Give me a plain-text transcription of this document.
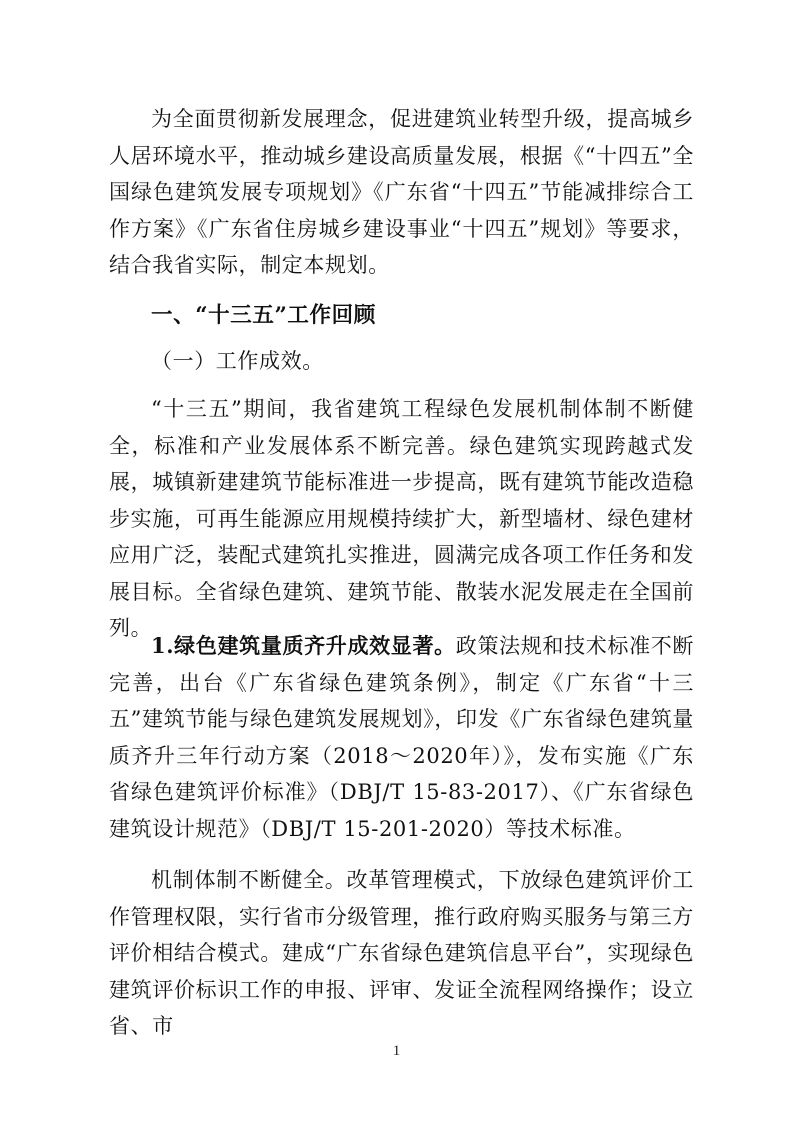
为全面贯彻新发展理念，促进建筑业转型升级，提高城乡人居环境水平，推动城乡建设高质量发展，根据《“十四五”全国绿色建筑发展专项规划》《广东省“十四五”节能减排综合工作方案》《广东省住房城乡建设事业“十四五”规划》等要求，结合我省实际，制定本规划。

一、“十三五”工作回顾

（一）工作成效。

“十三五”期间，我省建筑工程绿色发展机制体制不断健全，标准和产业发展体系不断完善。绿色建筑实现跨越式发展，城镇新建建筑节能标准进一步提高，既有建筑节能改造稳步实施，可再生能源应用规模持续扩大，新型墙材、绿色建材应用广泛，装配式建筑扎实推进，圆满完成各项工作任务和发展目标。全省绿色建筑、建筑节能、散装水泥发展走在全国前列。

1.绿色建筑量质齐升成效显著。政策法规和技术标准不断完善，出台《广东省绿色建筑条例》，制定《广东省“十三五”建筑节能与绿色建筑发展规划》，印发《广东省绿色建筑量质齐升三年行动方案（2018～2020年）》，发布实施《广东省绿色建筑评价标准》（DBJ/T 15-83-2017）、《广东省绿色建筑设计规范》（DBJ/T 15-201-2020）等技术标准。

机制体制不断健全。改革管理模式，下放绿色建筑评价工作管理权限，实行省市分级管理，推行政府购买服务与第三方评价相结合模式。建成“广东省绿色建筑信息平台”，实现绿色建筑评价标识工作的申报、评审、发证全流程网络操作；设立省、市

1
